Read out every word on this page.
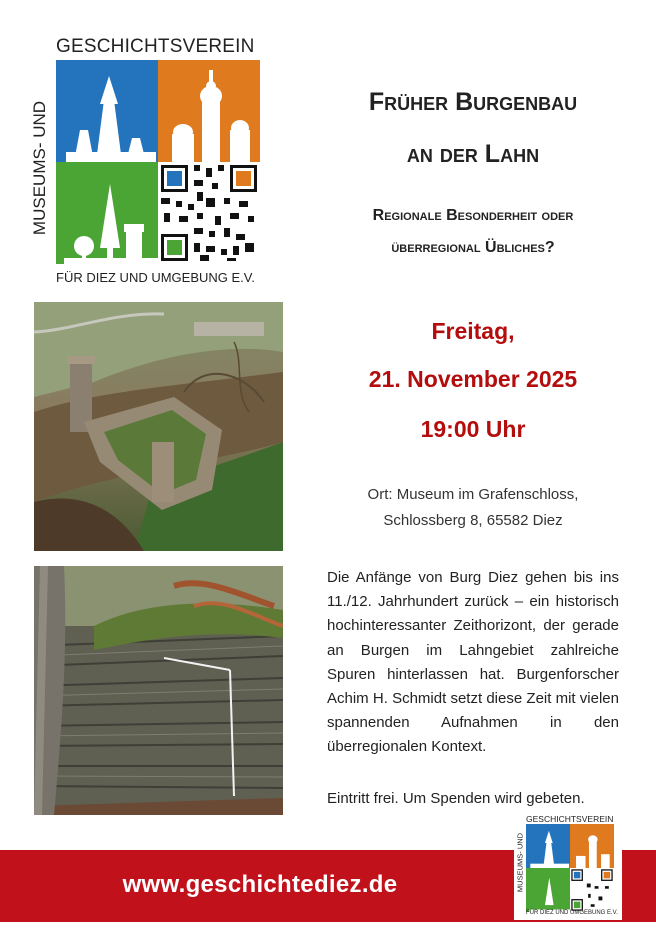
GESCHICHTSVEREIN
MUSEUMS- UND
FÜR DIEZ UND UMGEBUNG E.V.
Früher Burgenbau
an der Lahn
Regionale Besonderheit oder
überregional Übliches?
Freitag,
21. November 2025
19:00 Uhr
Ort: Museum im Grafenschloss,
Schlossberg 8, 65582 Diez
Die Anfänge von Burg Diez gehen bis ins 11./12. Jahrhundert zurück – ein historisch hochinteressanter Zeithorizont, der gerade an Burgen im Lahngebiet zahlreiche Spuren hinterlassen hat. Burgenforscher Achim H. Schmidt setzt diese Zeit mit vielen spannenden Aufnahmen in den überregionalen Kontext.
Eintritt frei. Um Spenden wird gebeten.
www.geschichtediez.de
GESCHICHTSVEREIN
MUSEUMS- UND
FÜR DIEZ UND UMGEBUNG E.V.
